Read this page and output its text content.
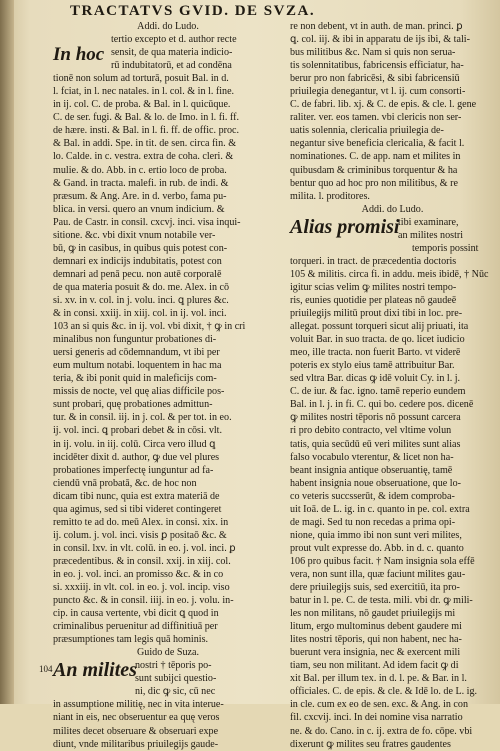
TRACTATVS GVID. DE SVZA.
Addi. do Ludo.
tertio excepto et d. author recte
In hoc sensit, de qua materia indicio-
rū indubitatorū, et ad condēna
tionē non solum ad torturā, posuit Bal. in d.
l. fciat, in l. nec natales. in l. col. & in l. fine.
in ij. col. C. de proba. & Bal. in l. quicūque.
C. de ser. fugi. & Bal. & lo. de Imo. in l. fi. ff.
de hære. insti. & Bal. in l. fi. ff. de offic. proc.
& Bal. in addi. Spe. in tit. de sen. circa fin. &
lo. Calde. in c. vestra. extra de coha. cleri. &
mulie. & do. Abb. in c. ertio loco de proba.
& Gand. in tracta. malefi. in rub. de indi. &
præsum. & Ang. Are. in d. verbo, fama pu-
blica. in versi. quero an vnum indicium. &
Pau. de Castr. in consil. cxcvj. inci. visa inqui-
sitione. &c. vbi dixit vnum notabile ver-
bū, ꝙ in casibus, in quibus quis potest con-
demnari ex indicijs indubitatis, potest con
demnari ad penā pecu. non autē corporalē
de qua materia posuit & do. me. Alex. in cō
si. xv. in v. col. in j. volu. inci. ꝗ plures &c.
& in consi. xxiij. in xiij. col. in ij. vol. inci.
103 an si quis &c. in ij. vol. vbi dixit, † ꝙ in cri
minalibus non funguntur probationes di-
uersi generis ad cōdemnandum, vt ibi per
eum multum notabi. loquentem in hac ma
teria, & ibi ponit quid in maleficijs com-
missis de nocte, vel quę alias difficile pos-
sunt probari, quę probationes admittun-
tur. & in consil. iij. in j. col. & per tot. in eo.
ij. vol. inci. ꝗ probari debet & in cōsi. vlt.
in ij. volu. in iij. colū. Circa vero illud ꝗ
incidēter dixit d. author, ꝙ due vel plures
probationes imperfectę iunguntur ad fa-
ciendū vnā probatā, &c. de hoc non
dicam tibi nunc, quia est extra materiā de
qua agimus, sed si tibi videret contingeret
remitto te ad do. meū Alex. in consi. xix. in
ij. colum. j. vol. inci. visis ꝑ positaō &c. &
in consil. lxv. in vlt. colū. in eo. j. vol. inci. ꝑ
præcedentibus. & in consil. xxij. in xiij. col.
in eo. j. vol. inci. an promisso &c. & in co
si. xxxiij. in vlt. col. in eo. j. vol. incip. viso
puncto &c. & in consil. iiij. in eo. j. volu. in-
cip. in causa vertente, vbi dicit ꝗ quod in
criminalibus peruenitur ad diffinitiuā per
præsumptiones tam legis quā hominis.
Guido de Suza.
104 An milites
nostri † tēporis po-
sunt subijci questio-
ni, dic ꝙ sic, cū nec
in assumptione militię, nec in vita interue-
niant in eis, nec obseruentur ea quę veros
milites decet obseruare & obseruari expe
diunt, vnde militaribus priuilegijs gaude-
re non debent, vt in auth. de man. princi. ꝑ
ꝗ. col. iij. & ibi in apparatu de ijs ibi, & tali-
bus militibus &c. Nam si quis non serua-
tis solennitatibus, fabricensis efficiatur, ha-
berur pro non fabricēsi, & sibi fabricensiū
priuilegia denegantur, vt l. ij. cum consorti-
C. de fabri. lib. xj. & C. de epis. & cle. l. gene
raliter. ver. eos tamen. vbi clericis non ser-
uatis solennia, clericalia priuilegia de-
negantur sive beneficia clericalia, & facit l.
nominationes. C. de app. nam et milites in
quibusdam & criminibus torquentur & ha
bentur quo ad hoc pro non militibus, & re
milita. l. proditores.
Addi. do Ludo.
Alias promisi
tibi examinare,
an milites nostri
temporis possint
torqueri. in tract. de præcedentia doctoris
105 & militis. circa fi. in addu. meis ibidē, † Nūc
igitur scias velim ꝙ milites nostri tempo-
ris, eunies quotidie per plateas nō gaudeē
priuilegijs militū prout dixi tibi in loc. pre-
allegat. possunt torqueri sicut alij priuati, ita
voluit Bar. in suo tracta. de qo. licet iudicio
meo, ille tracta. non fuerit Barto. vt viderē
poteris ex stylo eius tamē attribuitur Bar.
sed vltra Bar. dicas ꝙ idē voluit Cy. in l. j.
C. de iur. & fac. igno. tamē reperio eundem
Bal. in l. j. in fi. C. qui bo. cedere pos. dicenē
ꝙ milites nostri tēporis nō possunt carcera
ri pro debito contracto, vel vltime volun
tatis, quia secūdū eū veri milites sunt alias
falso vocabulo vterentur, & licet non ha-
beant insignia antique obseruantię, tamē
habent insignia noue obseruatione, que lo-
co veteris succsserūt, & idem comproba-
uit Ioā. de L. ig. in c. quanto in pe. col. extra
de magi. Sed tu non recedas a prima opi-
nione, quia immo ibi non sunt veri milites,
prout vult expresse do. Abb. in d. c. quanto
106 pro quibus facit. † Nam insignia sola effē
vera, non sunt illa, quæ faciunt milites gau-
dere priuilegijs suis, sed exercitiū, ita pro-
batur in l. pe. C. de testa. mili. vbi dr. ꝙ mili-
les non militans, nō gaudet priuilegijs mi
litum, ergo multominus debent gaudere mi
lites nostri tēporis, qui non habent, nec ha-
buerunt vera insignia, nec & exercent mili
tiam, seu non militant. Ad idem facit ꝙ di
xit Bal. per illum tex. in d. l. pe. & Bar. in l.
officiales. C. de epis. & cle. & Idē lo. de L. ig.
in cle. cum ex eo de sen. exc. & Ang. in con
fil. cxcvij. inci. In dei nomine visa narratio
ne. & do. Cano. in c. ij. extra de fo. cōpe. vbi
dixerunt ꝙ milites seu fratres gaudentes
